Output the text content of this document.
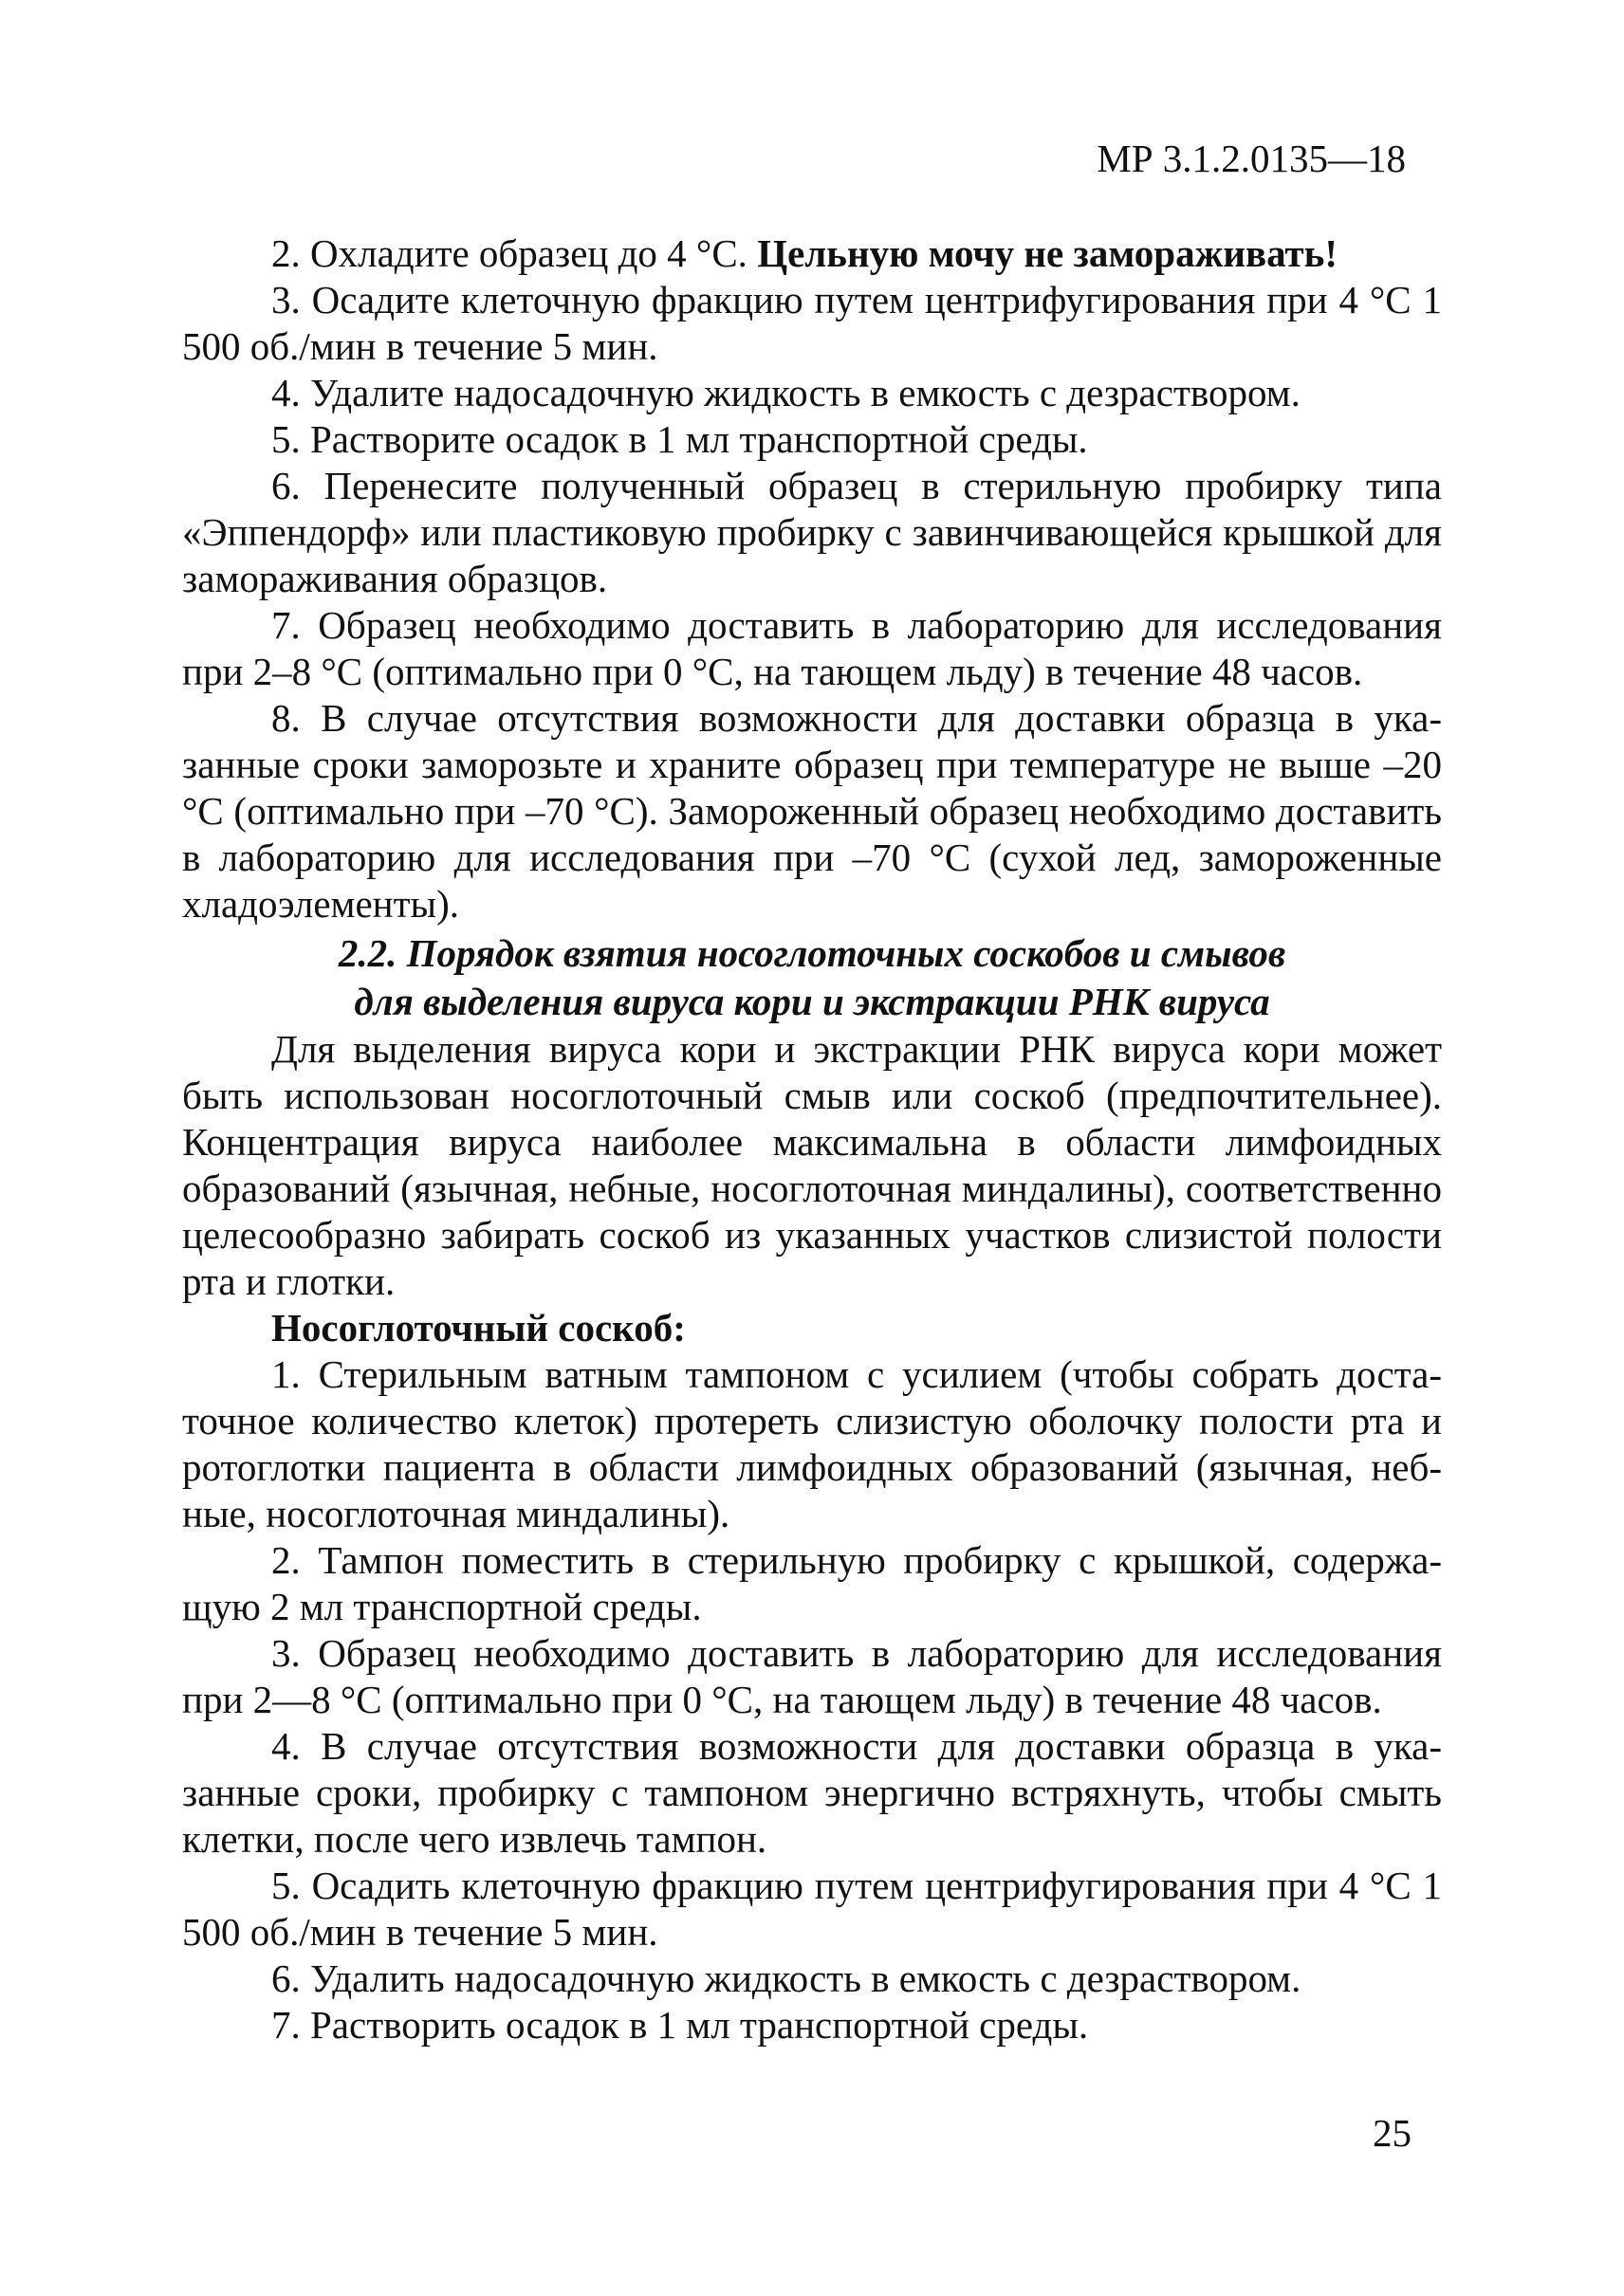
МР 3.1.2.0135—18

2. Охладите образец до 4 °С. Цельную мочу не замораживать!

3. Осадите клеточную фракцию путем центрифугирования при 4 °С 1 500 об./мин в течение 5 мин.

4. Удалите надосадочную жидкость в емкость с дезраствором.

5. Растворите осадок в 1 мл транспортной среды.

6. Перенесите полученный образец в стерильную пробирку типа «Эппендорф» или пластиковую пробирку с завинчивающейся крышкой для замораживания образцов.

7. Образец необходимо доставить в лабораторию для исследования при 2–8 °С (оптимально при 0 °С, на тающем льду) в течение 48 часов.

8. В случае отсутствия возможности для доставки образца в указанные сроки заморозьте и храните образец при температуре не выше –20 °С (оптимально при –70 °С). Замороженный образец необходимо доставить в лабораторию для исследования при –70 °С (сухой лед, замороженные хладоэлементы).

2.2. Порядок взятия носоглоточных соскобов и смывов
для выделения вируса кори и экстракции РНК вируса

Для выделения вируса кори и экстракции РНК вируса кори может быть использован носоглоточный смыв или соскоб (предпочтительнее). Концентрация вируса наиболее максимальна в области лимфоидных образований (язычная, небные, носоглоточная миндалины), соответственно целесообразно забирать соскоб из указанных участков слизистой полости рта и глотки.

Носоглоточный соскоб:

1. Стерильным ватным тампоном с усилием (чтобы собрать достаточное количество клеток) протереть слизистую оболочку полости рта и ротоглотки пациента в области лимфоидных образований (язычная, небные, носоглоточная миндалины).

2. Тампон поместить в стерильную пробирку с крышкой, содержащую 2 мл транспортной среды.

3. Образец необходимо доставить в лабораторию для исследования при 2—8 °С (оптимально при 0 °С, на тающем льду) в течение 48 часов.

4. В случае отсутствия возможности для доставки образца в указанные сроки, пробирку с тампоном энергично встряхнуть, чтобы смыть клетки, после чего извлечь тампон.

5. Осадить клеточную фракцию путем центрифугирования при 4 °С 1 500 об./мин в течение 5 мин.

6. Удалить надосадочную жидкость в емкость с дезраствором.

7. Растворить осадок в 1 мл транспортной среды.

25
